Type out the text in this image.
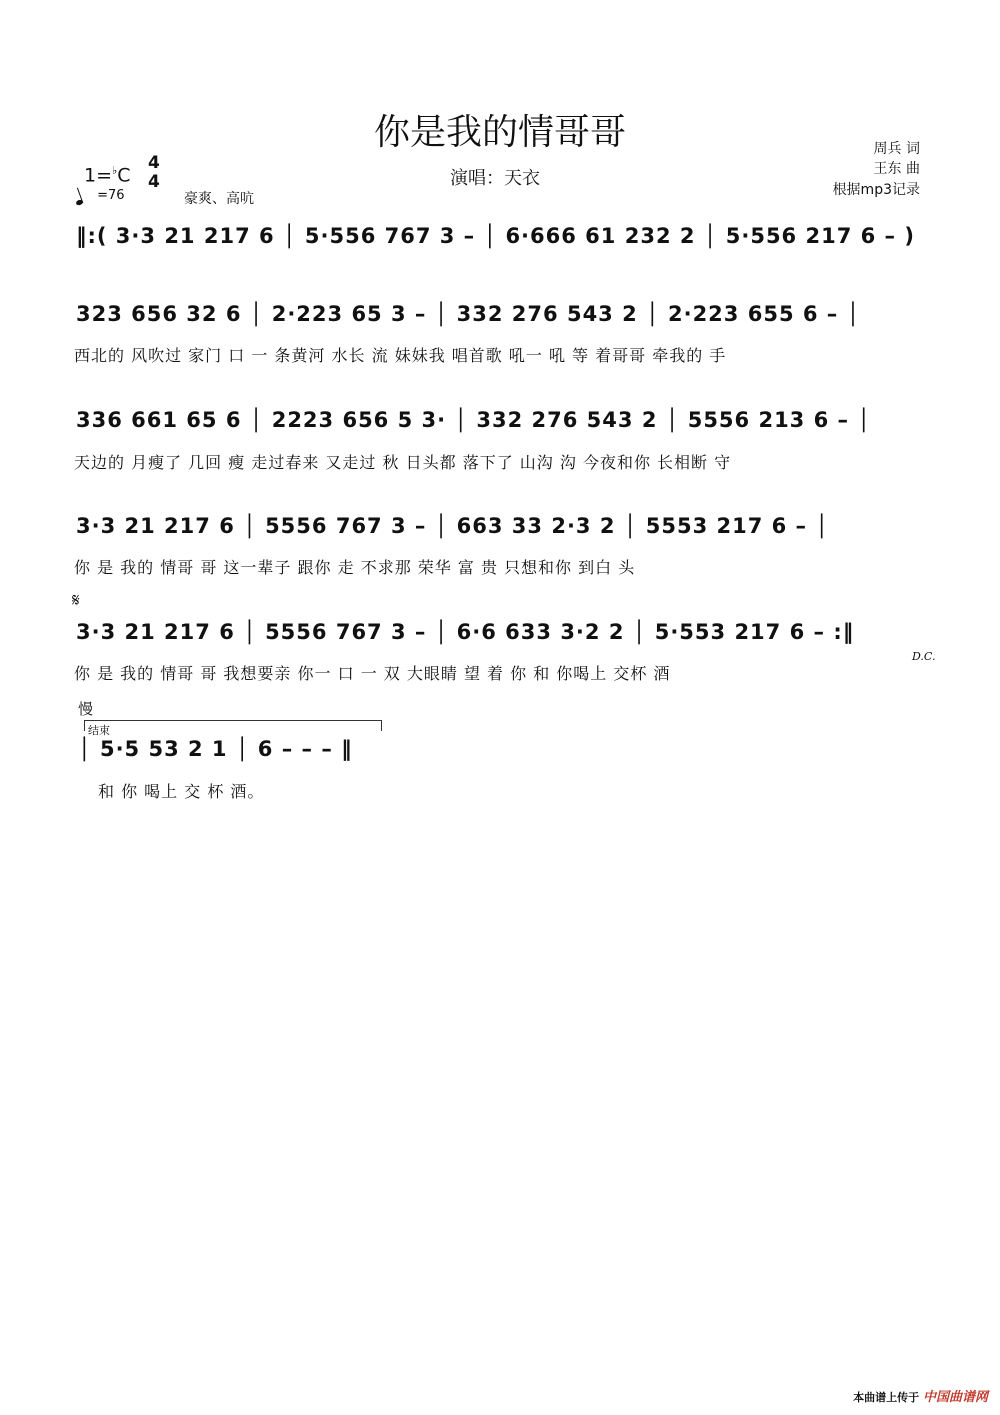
你是我的情哥哥	周兵 词
王东 曲
根据mp3记录
1=♭C
4
4
=76	豪爽、高吭
演唱：天衣
‖:( 3·3 21 217 6 │ 5·556 767 3 – │ 6·666 61 232 2 │ 5·556 217 6 – )
323 656 32 6 │ 2·223 65 3 – │ 332 276 543 2 │ 2·223 655 6 – │
西北的 风吹过 家门 口 一 条黄河 水长 流 妹妹我 唱首歌 吼一 吼 等 着哥哥 牵我的 手
336 661 65 6 │ 2223 656 5 3· │ 332 276 543 2 │ 5556 213 6 – │
天边的 月瘦了 几回 瘦 走过春来 又走过 秋 日头都 落下了 山沟 沟 今夜和你 长相断 守
3·3 21 217 6 │ 5556 767 3 – │ 663 33 2·3 2 │ 5553 217 6 – │
你 是 我的 情哥 哥 这一辈子 跟你 走 不求那 荣华 富 贵 只想和你 到白 头
𝄋
3·3 21 217 6 │ 5556 767 3 – │ 6·6 633 3·2 2 │ 5·553 217 6 – :‖
D.C.
你 是 我的 情哥 哥 我想要亲 你一 口 一 双 大眼睛 望 着 你 和 你喝上 交杯 酒
慢
结束
│ 5·5 53 2 1 │ 6 – – – ‖
和 你 喝上 交 杯 酒。
本曲谱上传于 中国曲谱网
